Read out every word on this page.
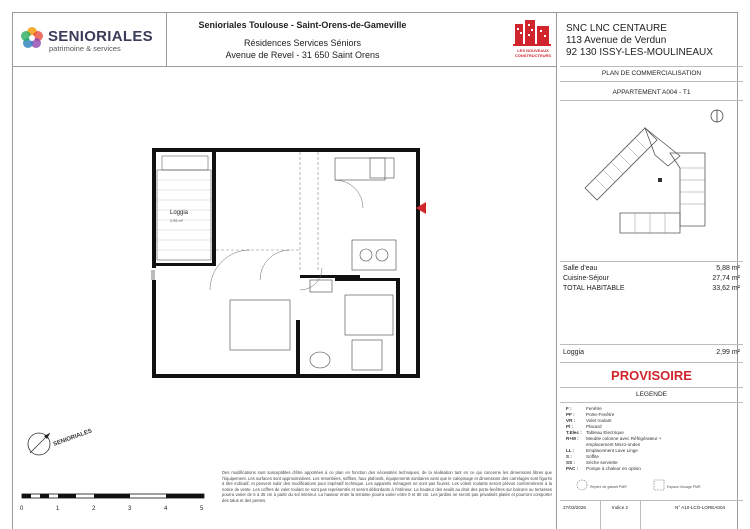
SENIORIALES
patrimoine & services
Senioriales Toulouse - Saint-Orens-de-Gameville
Résidences Services Séniors
Avenue de Revel - 31 650 Saint Orens	LES NOUVEAUX
CONSTRUCTEURS
SNC LNC CENTAURE
113 Avenue de Verdun
92 130 ISSY-LES-MOULINEAUX
PLAN DE COMMERCIALISATION
APPARTEMENT A004 - T1
Salle d'eau	5,88 m²
Cuisine-Séjour	27,74 m²
TOTAL HABITABLE	33,62 m²
Loggia	2,99 m²
PROVISOIRE
LEGENDE
F :	Fenêtre
PF : Porte-Fenêtre
VR : Volet roulant
Pl :	Placard
T.Elec : Tableau Electrique
R+M : Meuble colonne avec Réfrigérateur +
emplacement Micro-ondes
LL :	Emplacement Lave Linge
S :	Soffite
SS : Sèche serviette
PAC : Pompe à chaleur en option
Repère de gabarit PMR	Espace d'usage PMR
27/03/2026	Indice 2	N° A10-LCO-LOREA004
Loggia
2,99 m²
SENIORIALES
0	1	2	3	4	5
Des modifications sont susceptibles d'être apportées à ce plan en fonction des nécessités techniques, de la réalisation tant en ce qui concerne les dimensions libres que l'équipement. Les surfaces sont approximatives. Les retombées, soffites, faux plafonds, équipements sanitaires ainsi que le calepinage et dimensions des carrelages sont figurés à titre indicatif, et peuvent subir des modifications pour impératif technique. Les appareils ménagers ne sont pas fournis. Les volets roulants seront prévus conformément à la notice de vente. Les coffres de volet roulant ne sont pas représentés et seront débordants à l'intérieur. La hauteur des seuils au droit des porte-fenêtres sur balcons ou terrasses pourra varier de 5 à 35 cm à partir du sol intérieur. La hauteur entre la terrasse pourra varier entre 0 et 60 cm. Les jardins ne seront pas privatisés platés et pourront comporter des talus et des pentes.
